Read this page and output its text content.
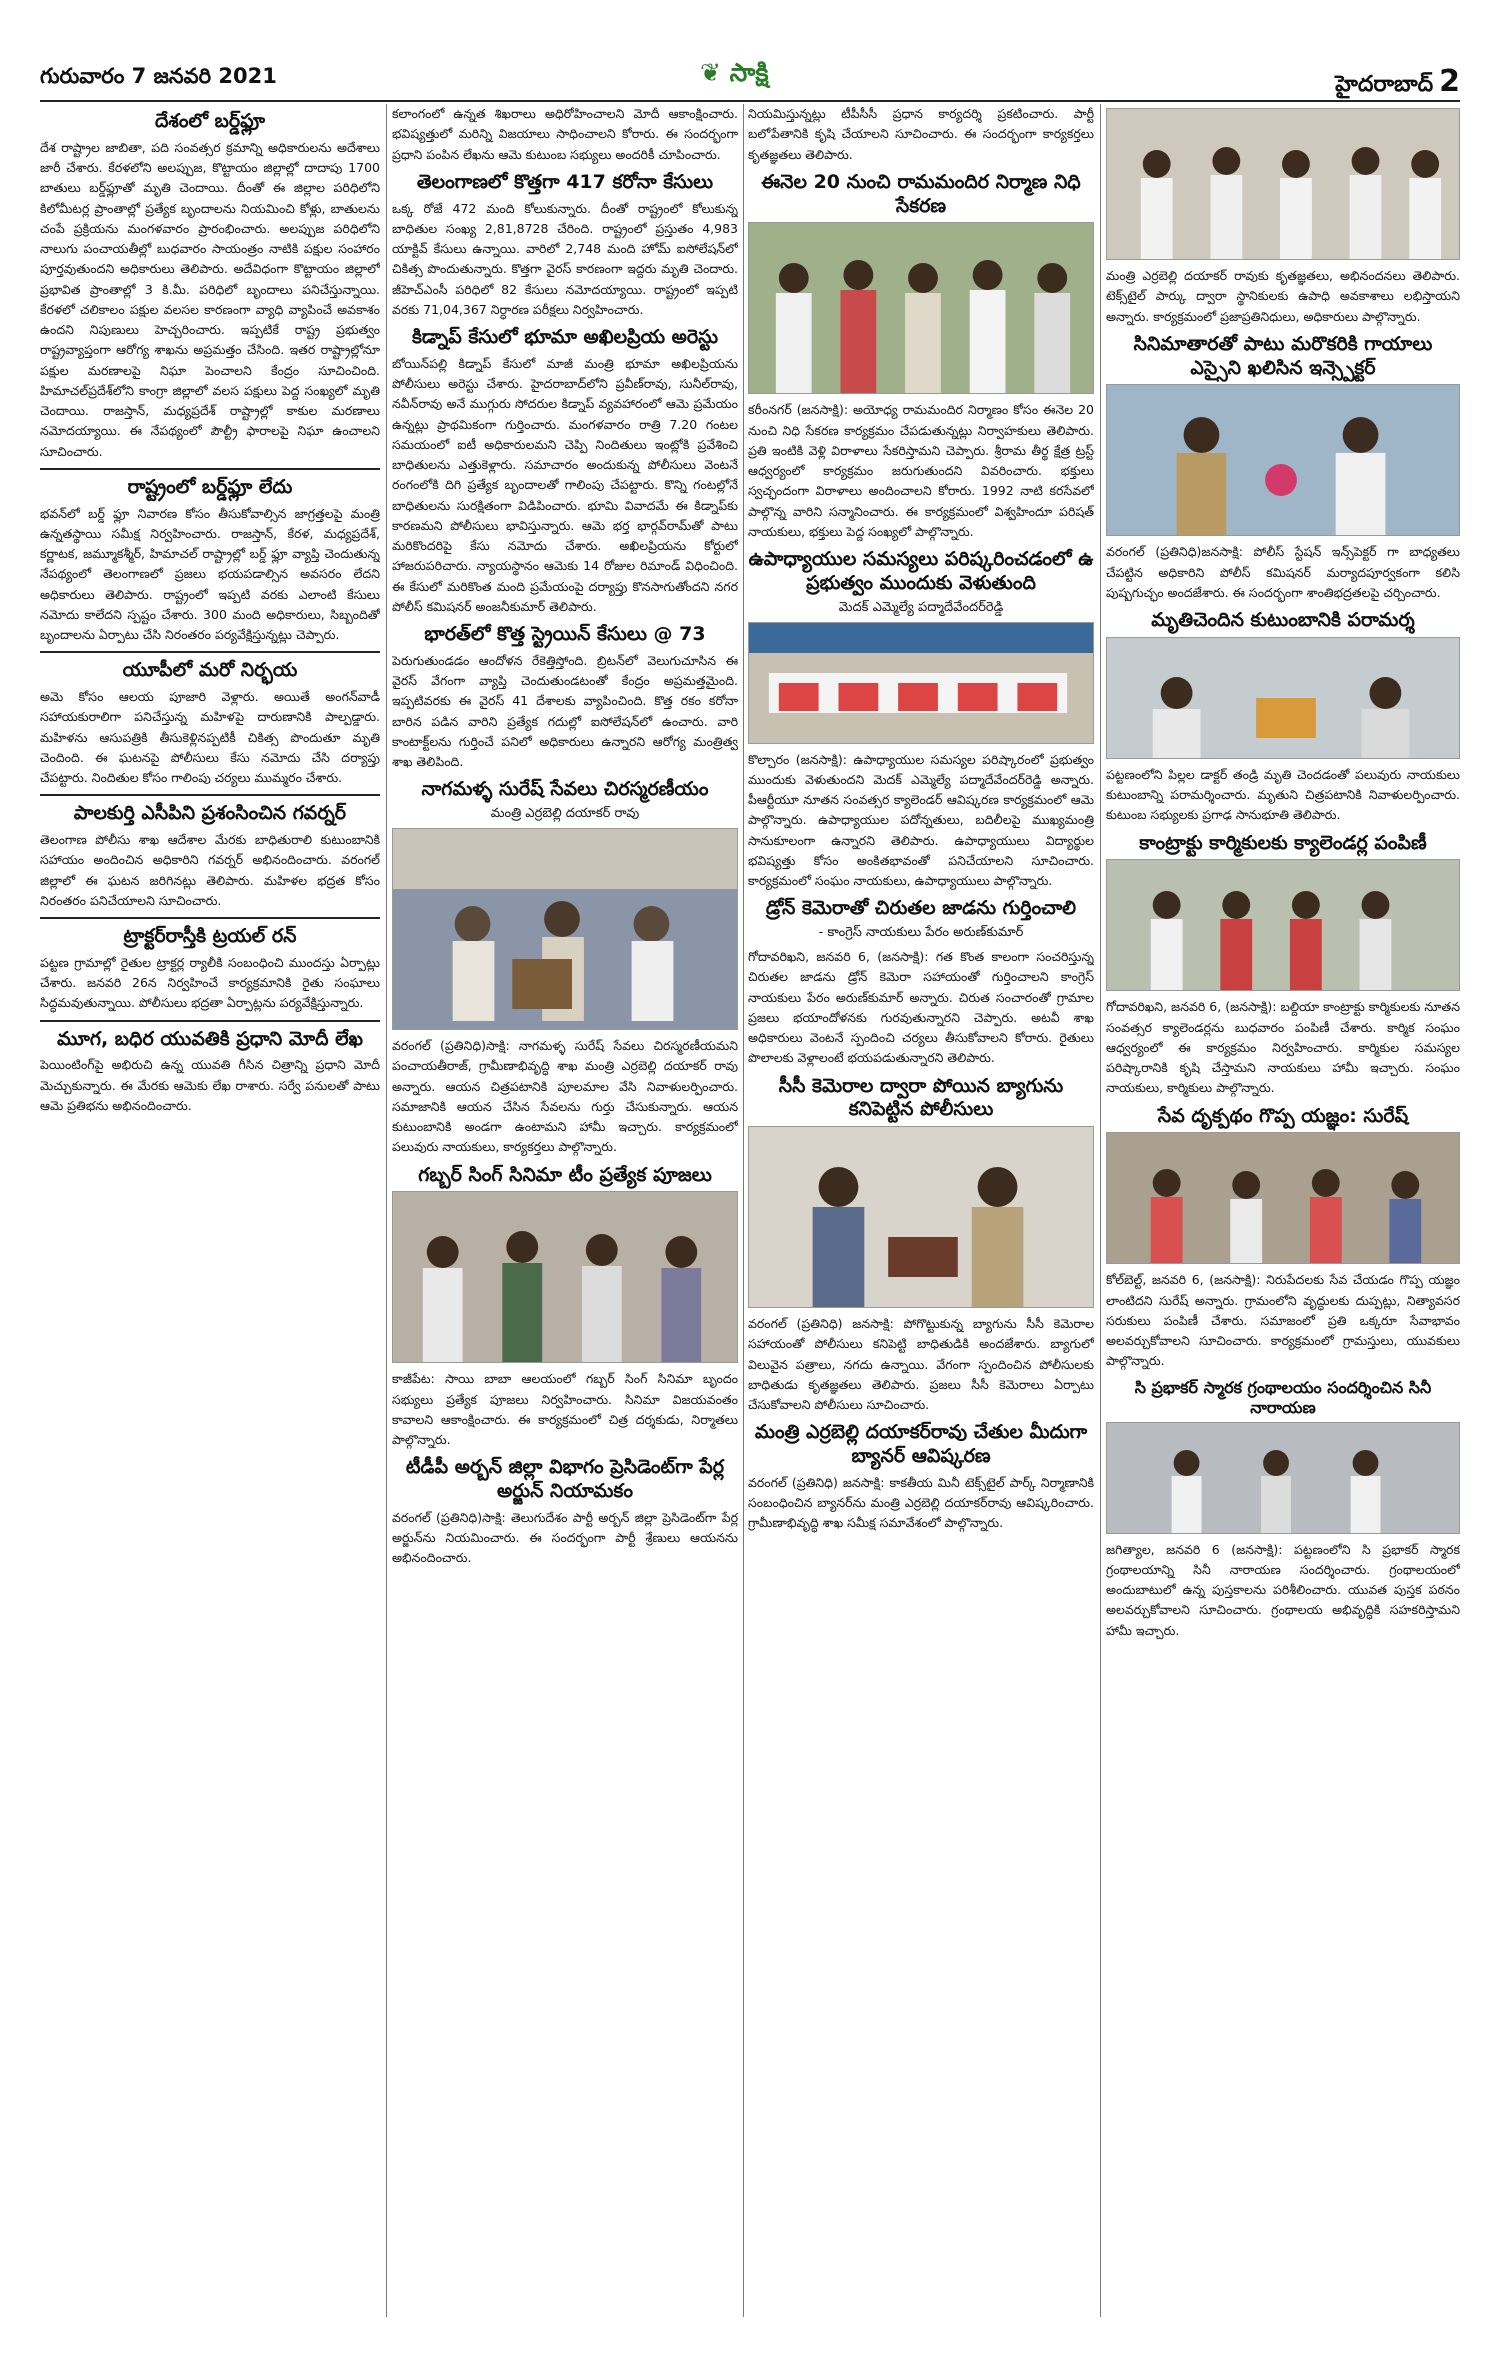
గురువారం 7 జనవరి 2021	❦ సాక్షి	హైదరాబాద్ 2
దేశంలో బర్డ్‌ఫ్లూ

దేశ రాష్ట్రాల జాబితా, పది సంవత్సర క్రమాన్ని అధికారులను అదేశాలు జారీ చేశారు. కేరళలోని అలప్పుజ, కొట్టాయం జిల్లాల్లో దాదాపు 1700 బాతులు బర్డ్‌ఫ్లూతో మృతి చెందాయి. దీంతో ఈ జిల్లాల పరిధిలోని కిలోమీటర్ల ప్రాంతాల్లో ప్రత్యేక బృందాలను నియమించి కోళ్లు, బాతులను చంపే ప్రక్రియను మంగళవారం ప్రారంభించారు. అలప్పుజ పరిధిలోని నాలుగు పంచాయతీల్లో బుధవారం సాయంత్రం నాటికి పక్షుల సంహారం పూర్తవుతుందని అధికారులు తెలిపారు. అదేవిధంగా కొట్టాయం జిల్లాలో ప్రభావిత ప్రాంతాల్లో 3 కి.మీ. పరిధిలో బృందాలు పనిచేస్తున్నాయి. కేరళలో చలికాలం పక్షుల వలసల కారణంగా వ్యాధి వ్యాపించే అవకాశం ఉందని నిపుణులు హెచ్చరించారు. ఇప్పటికే రాష్ట్ర ప్రభుత్వం రాష్ట్రవ్యాప్తంగా ఆరోగ్య శాఖను అప్రమత్తం చేసింది. ఇతర రాష్ట్రాల్లోనూ పక్షుల మరణాలపై నిఘా పెంచాలని కేంద్రం సూచించింది. హిమాచల్‌ప్రదేశ్‌లోని కాంగ్రా జిల్లాలో వలస పక్షులు పెద్ద సంఖ్యలో మృతి చెందాయి. రాజస్తాన్, మధ్యప్రదేశ్ రాష్ట్రాల్లో కాకుల మరణాలు నమోదయ్యాయి. ఈ నేపథ్యంలో పౌల్ట్రీ ఫారాలపై నిఘా ఉంచాలని సూచించారు.

రాష్ట్రంలో బర్డ్‌ఫ్లూ లేదు

భవన్‌లో బర్డ్ ఫ్లూ నివారణ కోసం తీసుకోవాల్సిన జాగ్రత్తలపై మంత్రి ఉన్నతస్థాయి సమీక్ష నిర్వహించారు. రాజస్తాన్, కేరళ, మధ్యప్రదేశ్, కర్ణాటక, జమ్మూకశ్మీర్, హిమాచల్ రాష్ట్రాల్లో బర్డ్ ఫ్లూ వ్యాప్తి చెందుతున్న నేపథ్యంలో తెలంగాణలో ప్రజలు భయపడాల్సిన అవసరం లేదని అధికారులు తెలిపారు. రాష్ట్రంలో ఇప్పటి వరకు ఎలాంటి కేసులు నమోదు కాలేదని స్పష్టం చేశారు. 300 మంది అధికారులు, సిబ్బందితో బృందాలను ఏర్పాటు చేసి నిరంతరం పర్యవేక్షిస్తున్నట్లు చెప్పారు.

యూపీలో మరో నిర్భయ

అమె కోసం ఆలయ పూజారి వెళ్లారు. అయితే అంగన్‌వాడీ సహాయకురాలిగా పనిచేస్తున్న మహిళపై దారుణానికి పాల్పడ్డారు. మహిళను ఆసుపత్రికి తీసుకెళ్లినప్పటికీ చికిత్స పొందుతూ మృతి చెందింది. ఈ ఘటనపై పోలీసులు కేసు నమోదు చేసి దర్యాప్తు చేపట్టారు. నిందితుల కోసం గాలింపు చర్యలు ముమ్మరం చేశారు.

పాలకుర్తి ఎసీపిని ప్రశంసించిన గవర్నర్

తెలంగాణ పోలీసు శాఖ ఆదేశాల మేరకు బాధితురాలి కుటుంబానికి సహాయం అందించిన అధికారిని గవర్నర్ అభినందించారు. వరంగల్ జిల్లాలో ఈ ఘటన జరిగినట్లు తెలిపారు. మహిళల భద్రత కోసం నిరంతరం పనిచేయాలని సూచించారు.

ట్రాక్టర్‌రాస్తీకి ట్రయల్ రన్

పట్టణ గ్రామాల్లో రైతుల ట్రాక్టర్ల ర్యాలీకి సంబంధించి ముందస్తు ఏర్పాట్లు చేశారు. జనవరి 26న నిర్వహించే కార్యక్రమానికి రైతు సంఘాలు సిద్ధమవుతున్నాయి. పోలీసులు భద్రతా ఏర్పాట్లను పర్యవేక్షిస్తున్నారు.

మూగ, బధిర యువతికి ప్రధాని మోదీ లేఖ

పెయింటింగ్‌పై అభిరుచి ఉన్న యువతి గీసిన చిత్రాన్ని ప్రధాని మోదీ మెచ్చుకున్నారు. ఈ మేరకు ఆమెకు లేఖ రాశారు. సర్వే పనులతో పాటు ఆమె ప్రతిభను అభినందించారు.

కలాంగంలో ఉన్నత శిఖరాలు అధిరోహించాలని మోదీ ఆకాంక్షించారు. భవిష్యత్తులో మరిన్ని విజయాలు సాధించాలని కోరారు. ఈ సందర్భంగా ప్రధాని పంపిన లేఖను ఆమె కుటుంబ సభ్యులు అందరికీ చూపించారు.

తెలంగాణలో కొత్తగా 417 కరోనా కేసులు

ఒక్క రోజే 472 మంది కోలుకున్నారు. దీంతో రాష్ట్రంలో కోలుకున్న బాధితుల సంఖ్య 2,81,8728 చేరింది. రాష్ట్రంలో ప్రస్తుతం 4,983 యాక్టివ్ కేసులు ఉన్నాయి. వారిలో 2,748 మంది హోమ్ ఐసోలేషన్‌లో చికిత్స పొందుతున్నారు. కొత్తగా వైరస్ కారణంగా ఇద్దరు మృతి చెందారు. జీహెచ్‌ఎంసీ పరిధిలో 82 కేసులు నమోదయ్యాయి. రాష్ట్రంలో ఇప్పటి వరకు 71,04,367 నిర్ధారణ పరీక్షలు నిర్వహించారు.

కిడ్నాప్ కేసులో భూమా అఖిలప్రియ అరెస్టు

బోయిన్‌పల్లి కిడ్నాప్ కేసులో మాజీ మంత్రి భూమా అఖిలప్రియను పోలీసులు అరెస్టు చేశారు. హైదరాబాద్‌లోని ప్రవీణ్‌రావు, సునీల్‌రావు, నవీన్‌రావు అనే ముగ్గురు సోదరుల కిడ్నాప్ వ్యవహారంలో ఆమె ప్రమేయం ఉన్నట్లు ప్రాథమికంగా గుర్తించారు. మంగళవారం రాత్రి 7.20 గంటల సమయంలో ఐటీ అధికారులమని చెప్పి నిందితులు ఇంట్లోకి ప్రవేశించి బాధితులను ఎత్తుకెళ్లారు. సమాచారం అందుకున్న పోలీసులు వెంటనే రంగంలోకి దిగి ప్రత్యేక బృందాలతో గాలింపు చేపట్టారు. కొన్ని గంటల్లోనే బాధితులను సురక్షితంగా విడిపించారు. భూమి వివాదమే ఈ కిడ్నాప్‌కు కారణమని పోలీసులు భావిస్తున్నారు. ఆమె భర్త భార్గవ్‌రామ్‌తో పాటు మరికొందరిపై కేసు నమోదు చేశారు. అఖిలప్రియను కోర్టులో హాజరుపరిచారు. న్యాయస్థానం ఆమెకు 14 రోజుల రిమాండ్ విధించింది. ఈ కేసులో మరికొంత మంది ప్రమేయంపై దర్యాప్తు కొనసాగుతోందని నగర పోలీస్ కమిషనర్ అంజనీకుమార్ తెలిపారు.

భారత్‌లో కొత్త స్ట్రెయిన్ కేసులు @ 73

పెరుగుతుండడం ఆందోళన రేకెత్తిస్తోంది. బ్రిటన్‌లో వెలుగుచూసిన ఈ వైరస్ వేగంగా వ్యాప్తి చెందుతుండటంతో కేంద్రం అప్రమత్తమైంది. ఇప్పటివరకు ఈ వైరస్ 41 దేశాలకు వ్యాపించింది. కొత్త రకం కరోనా బారిన పడిన వారిని ప్రత్యేక గదుల్లో ఐసోలేషన్‌లో ఉంచారు. వారి కాంటాక్ట్‌లను గుర్తించే పనిలో అధికారులు ఉన్నారని ఆరోగ్య మంత్రిత్వ శాఖ తెలిపింది.

నాగమళ్ళ సురేష్ సేవలు చిరస్మరణీయం
మంత్రి ఎర్రబెల్లి దయాకర్ రావు

వరంగల్ (ప్రతినిధి)సాక్షి: నాగమళ్ళ సురేష్ సేవలు చిరస్మరణీయమని పంచాయతీరాజ్, గ్రామీణాభివృద్ధి శాఖ మంత్రి ఎర్రబెల్లి దయాకర్ రావు అన్నారు. ఆయన చిత్రపటానికి పూలమాల వేసి నివాళులర్పించారు. సమాజానికి ఆయన చేసిన సేవలను గుర్తు చేసుకున్నారు. ఆయన కుటుంబానికి అండగా ఉంటామని హామీ ఇచ్చారు. కార్యక్రమంలో పలువురు నాయకులు, కార్యకర్తలు పాల్గొన్నారు.

గబ్బర్ సింగ్ సినిమా టీం ప్రత్యేక పూజలు

కాజీపేట: సాయి బాబా ఆలయంలో గబ్బర్ సింగ్ సినిమా బృందం సభ్యులు ప్రత్యేక పూజలు నిర్వహించారు. సినిమా విజయవంతం కావాలని ఆకాంక్షించారు. ఈ కార్యక్రమంలో చిత్ర దర్శకుడు, నిర్మాతలు పాల్గొన్నారు.

టీడీపీ అర్బన్ జిల్లా విభాగం ప్రెసిడెంట్‌గా పేర్ల అర్జున్ నియామకం

వరంగల్ (ప్రతినిధి)సాక్షి: తెలుగుదేశం పార్టీ అర్బన్ జిల్లా ప్రెసిడెంట్‌గా పేర్ల అర్జున్‌ను నియమించారు. ఈ సందర్భంగా పార్టీ శ్రేణులు ఆయనను అభినందించారు.

నియమిస్తున్నట్లు టీపీసీసీ ప్రధాన కార్యదర్శి ప్రకటించారు. పార్టీ బలోపేతానికి కృషి చేయాలని సూచించారు. ఈ సందర్భంగా కార్యకర్తలు కృతజ్ఞతలు తెలిపారు.

ఈనెల 20 నుంచి రామమందిర నిర్మాణ నిధి సేకరణ

కరీంనగర్ (జనసాక్షి): అయోధ్య రామమందిర నిర్మాణం కోసం ఈనెల 20 నుంచి నిధి సేకరణ కార్యక్రమం చేపడుతున్నట్లు నిర్వాహకులు తెలిపారు. ప్రతి ఇంటికి వెళ్లి విరాళాలు సేకరిస్తామని చెప్పారు. శ్రీరామ తీర్థ క్షేత్ర ట్రస్ట్ ఆధ్వర్యంలో కార్యక్రమం జరుగుతుందని వివరించారు. భక్తులు స్వచ్ఛందంగా విరాళాలు అందించాలని కోరారు. 1992 నాటి కరసేవలో పాల్గొన్న వారిని సన్మానించారు. ఈ కార్యక్రమంలో విశ్వహిందూ పరిషత్ నాయకులు, భక్తులు పెద్ద సంఖ్యలో పాల్గొన్నారు.

ఉపాధ్యాయుల సమస్యలు పరిష్కరించడంలో ఉ ప్రభుత్వం ముందుకు వెళుతుంది
మెదక్ ఎమ్మెల్యే పద్మాదేవేందర్‌రెడ్డి

కొల్చారం (జనసాక్షి): ఉపాధ్యాయుల సమస్యల పరిష్కారంలో ప్రభుత్వం ముందుకు వెళుతుందని మెదక్ ఎమ్మెల్యే పద్మాదేవేందర్‌రెడ్డి అన్నారు. పీఆర్టీయూ నూతన సంవత్సర క్యాలెండర్ ఆవిష్కరణ కార్యక్రమంలో ఆమె పాల్గొన్నారు. ఉపాధ్యాయుల పదోన్నతులు, బదిలీలపై ముఖ్యమంత్రి సానుకూలంగా ఉన్నారని తెలిపారు. ఉపాధ్యాయులు విద్యార్థుల భవిష్యత్తు కోసం అంకితభావంతో పనిచేయాలని సూచించారు. కార్యక్రమంలో సంఘం నాయకులు, ఉపాధ్యాయులు పాల్గొన్నారు.

డ్రోన్ కెమెరాతో చిరుతల జాడను గుర్తించాలి
- కాంగ్రెస్ నాయకులు పేరం అరుణ్‌కుమార్

గోదావరిఖని, జనవరి 6, (జనసాక్షి): గత కొంత కాలంగా సంచరిస్తున్న చిరుతల జాడను డ్రోన్ కెమెరా సహాయంతో గుర్తించాలని కాంగ్రెస్ నాయకులు పేరం అరుణ్‌కుమార్ అన్నారు. చిరుత సంచారంతో గ్రామాల ప్రజలు భయాందోళనకు గురవుతున్నారని చెప్పారు. అటవీ శాఖ అధికారులు వెంటనే స్పందించి చర్యలు తీసుకోవాలని కోరారు. రైతులు పొలాలకు వెళ్లాలంటే భయపడుతున్నారని తెలిపారు.

సీసీ కెమెరాల ద్వారా పోయిన బ్యాగును కనిపెట్టిన పోలీసులు

వరంగల్ (ప్రతినిధి) జనసాక్షి: పోగొట్టుకున్న బ్యాగును సీసీ కెమెరాల సహాయంతో పోలీసులు కనిపెట్టి బాధితుడికి అందజేశారు. బ్యాగులో విలువైన పత్రాలు, నగదు ఉన్నాయి. వేగంగా స్పందించిన పోలీసులకు బాధితుడు కృతజ్ఞతలు తెలిపారు. ప్రజలు సీసీ కెమెరాలు ఏర్పాటు చేసుకోవాలని పోలీసులు సూచించారు.

మంత్రి ఎర్రబెల్లి దయాకర్‌రావు చేతుల మీదుగా బ్యానర్ ఆవిష్కరణ

వరంగల్ (ప్రతినిధి) జనసాక్షి: కాకతీయ మినీ టెక్స్‌టైల్ పార్క్ నిర్మాణానికి సంబంధించిన బ్యానర్‌ను మంత్రి ఎర్రబెల్లి దయాకర్‌రావు ఆవిష్కరించారు. గ్రామీణాభివృద్ధి శాఖ సమీక్ష సమావేశంలో పాల్గొన్నారు.

మంత్రి ఎర్రబెల్లి దయాకర్ రావుకు కృతజ్ఞతలు, అభినందనలు తెలిపారు. టెక్స్‌టైల్ పార్కు ద్వారా స్థానికులకు ఉపాధి అవకాశాలు లభిస్తాయని అన్నారు. కార్యక్రమంలో ప్రజాప్రతినిధులు, అధికారులు పాల్గొన్నారు.

సినిమాతారతో పాటు మరొకరికి గాయాలు ఎస్సైని ఖలిసిన ఇన్స్పెక్టర్

వరంగల్ (ప్రతినిధి)జనసాక్షి: పోలీస్ స్టేషన్ ఇన్స్‌పెక్టర్ గా బాధ్యతలు చేపట్టిన అధికారిని పోలీస్ కమిషనర్ మర్యాదపూర్వకంగా కలిసి పుష్పగుచ్ఛం అందజేశారు. ఈ సందర్భంగా శాంతిభద్రతలపై చర్చించారు.

మృతిచెందిన కుటుంబానికి పరామర్శ

పట్టణంలోని పిల్లల డాక్టర్ తండ్రి మృతి చెందడంతో పలువురు నాయకులు కుటుంబాన్ని పరామర్శించారు. మృతుని చిత్రపటానికి నివాళులర్పించారు. కుటుంబ సభ్యులకు ప్రగాఢ సానుభూతి తెలిపారు.

కాంట్రాక్టు కార్మికులకు క్యాలెండర్ల పంపిణీ

గోదావరిఖని, జనవరి 6, (జనసాక్షి): బల్దియా కాంట్రాక్టు కార్మికులకు నూతన సంవత్సర క్యాలెండర్లను బుధవారం పంపిణీ చేశారు. కార్మిక సంఘం ఆధ్వర్యంలో ఈ కార్యక్రమం నిర్వహించారు. కార్మికుల సమస్యల పరిష్కారానికి కృషి చేస్తామని నాయకులు హామీ ఇచ్చారు. సంఘం నాయకులు, కార్మికులు పాల్గొన్నారు.

సేవ దృక్పథం గొప్ప యజ్ఞం: సురేష్

కోల్‌బెల్ట్, జనవరి 6, (జనసాక్షి): నిరుపేదలకు సేవ చేయడం గొప్ప యజ్ఞం లాంటిదని సురేష్ అన్నారు. గ్రామంలోని వృద్ధులకు దుప్పట్లు, నిత్యావసర సరుకులు పంపిణీ చేశారు. సమాజంలో ప్రతి ఒక్కరూ సేవాభావం అలవర్చుకోవాలని సూచించారు. కార్యక్రమంలో గ్రామస్తులు, యువకులు పాల్గొన్నారు.

సి ప్రభాకర్ స్మారక గ్రంథాలయం సందర్శించిన సినీ నారాయణ

జగిత్యాల, జనవరి 6 (జనసాక్షి): పట్టణంలోని సి ప్రభాకర్ స్మారక గ్రంథాలయాన్ని సినీ నారాయణ సందర్శించారు. గ్రంథాలయంలో అందుబాటులో ఉన్న పుస్తకాలను పరిశీలించారు. యువత పుస్తక పఠనం అలవర్చుకోవాలని సూచించారు. గ్రంథాలయ అభివృద్ధికి సహకరిస్తామని హామీ ఇచ్చారు.
